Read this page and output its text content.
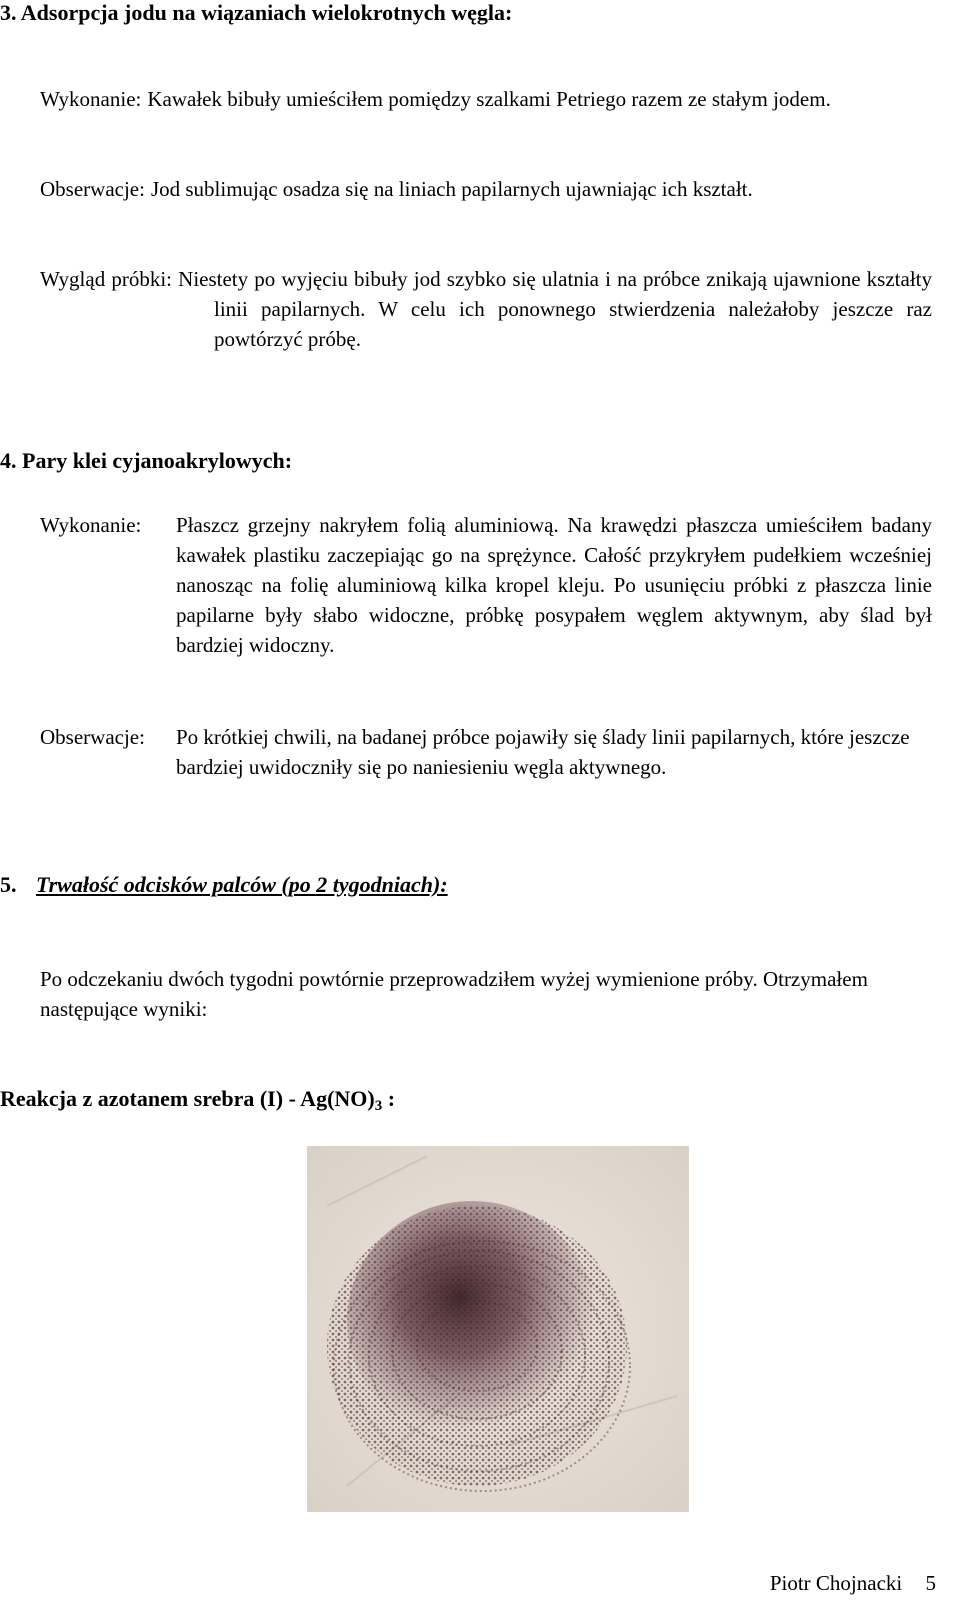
3. Adsorpcja jodu na wiązaniach wielokrotnych węgla:
Wykonanie: Kawałek bibuły umieściłem pomiędzy szalkami Petriego razem ze stałym jodem.
Obserwacje: Jod sublimując osadza się na liniach papilarnych ujawniając ich kształt.
Wygląd próbki: Niestety po wyjęciu bibuły jod szybko się ulatnia i na próbce znikają ujawnione kształty linii papilarnych. W celu ich ponownego stwierdzenia należałoby jeszcze raz powtórzyć próbę.
4. Pary klei cyjanoakrylowych:
Wykonanie:	Płaszcz grzejny nakryłem folią aluminiową. Na krawędzi płaszcza umieściłem badany kawałek plastiku zaczepiając go na sprężynce. Całość przykryłem pudełkiem wcześniej nanosząc na folię aluminiową kilka kropel kleju. Po usunięciu próbki z płaszcza linie papilarne były słabo widoczne, próbkę posypałem węglem aktywnym, aby ślad był bardziej widoczny.
Obserwacje:	Po krótkiej chwili, na badanej próbce pojawiły się ślady linii papilarnych, które jeszcze bardziej uwidoczniły się po naniesieniu węgla aktywnego.
5. Trwałość odcisków palców (po 2 tygodniach):
Po odczekaniu dwóch tygodni powtórnie przeprowadziłem wyżej wymienione próby. Otrzymałem następujące wyniki:
Reakcja z azotanem srebra (I) - Ag(NO)3 :
Piotr Chojnacki 5
